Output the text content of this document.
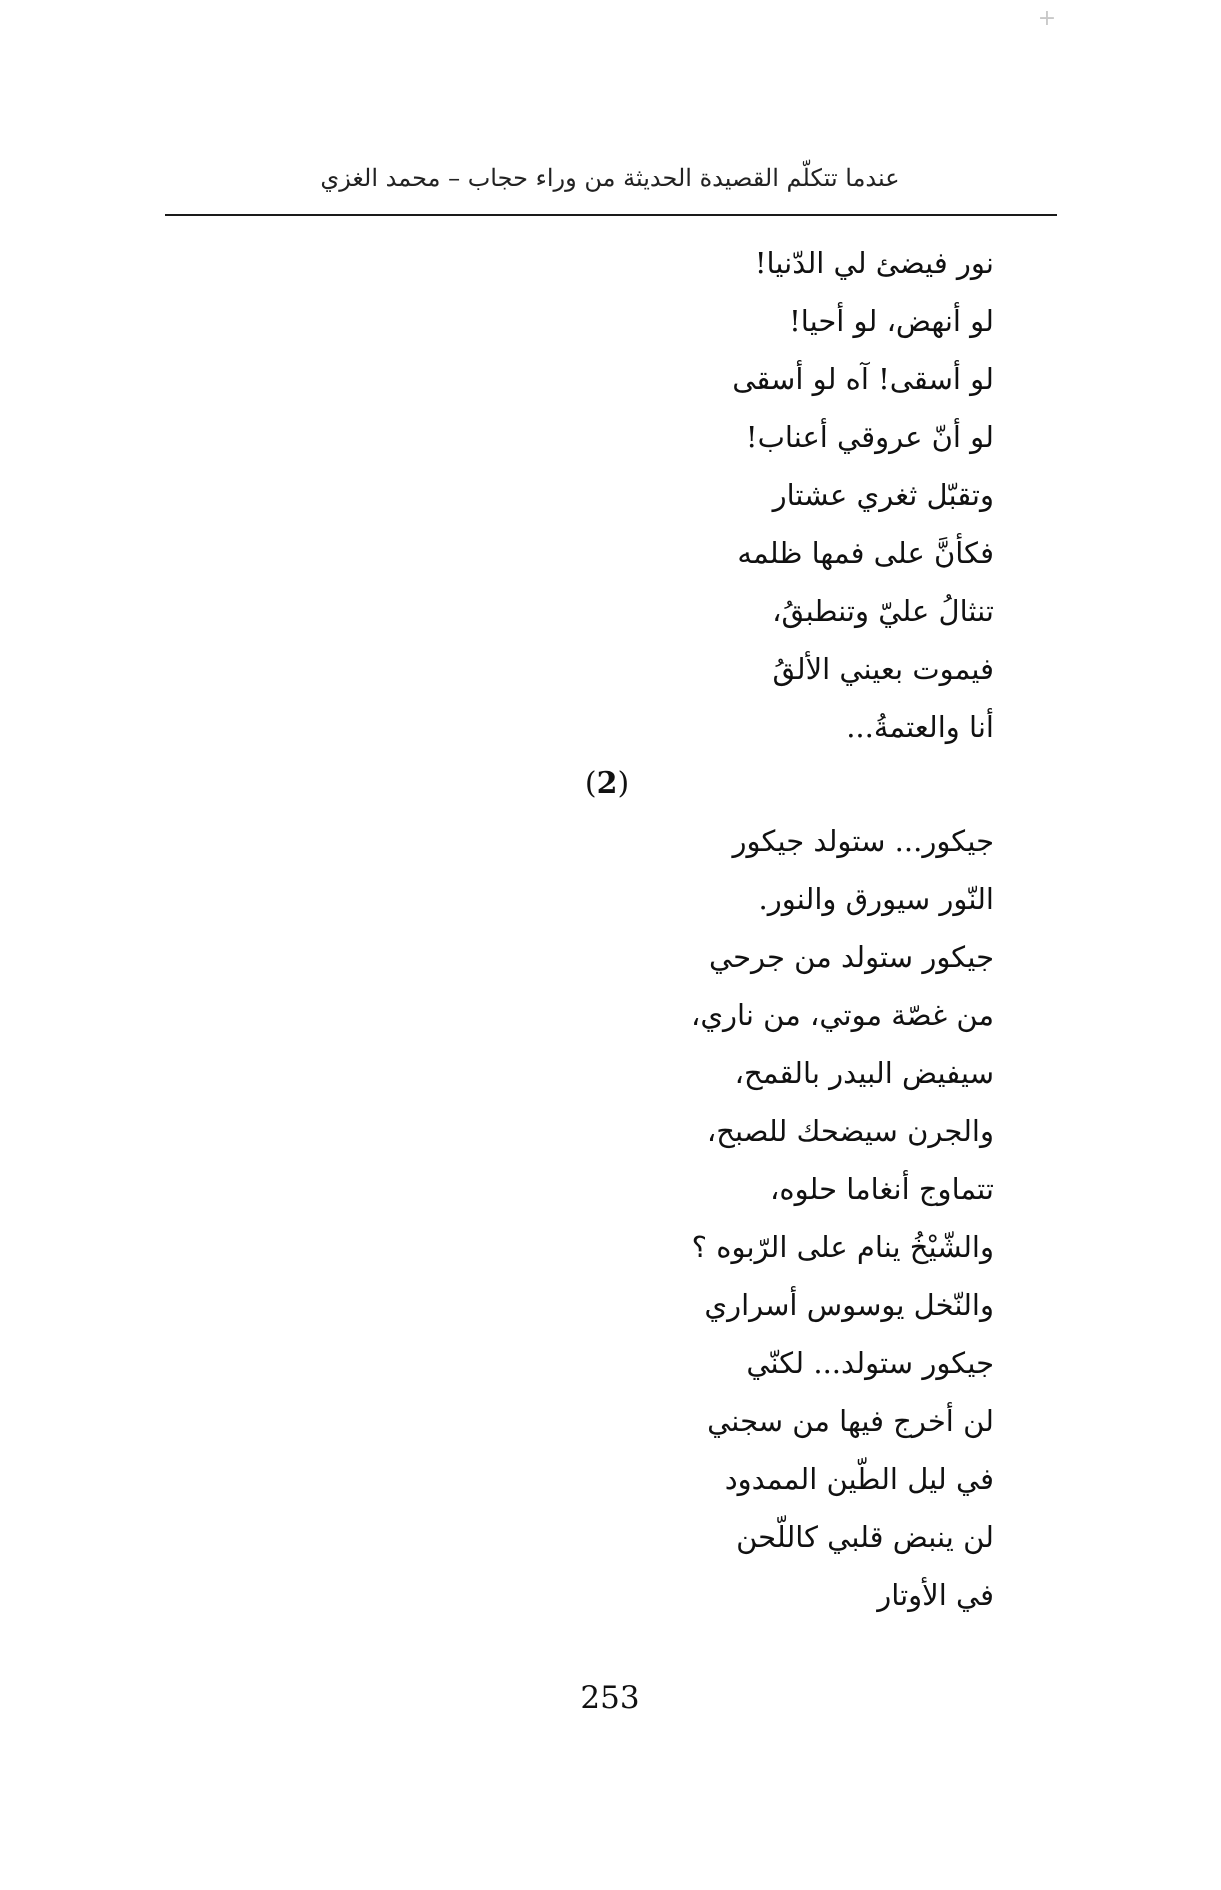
+
عندما تتكلّم القصيدة الحديثة من وراء حجاب – محمد الغزي
نور فيضئ لي الدّنيا!
لو أنهض، لو أحيا!
لو أسقى! آه لو أسقى
لو أنّ عروقي أعناب!
وتقبّل ثغري عشتار
فكأنَّ على فمها ظلمه
تنثالُ عليّ وتنطبقُ،
فيموت بعيني الألقُ
أنا والعتمةُ...
(2)
جيكور... ستولد جيكور
النّور سيورق والنور.
جيكور ستولد من جرحي
من غصّة موتي، من ناري،
سيفيض البيدر بالقمح،
والجرن سيضحك للصبح،
تتماوج أنغاما حلوه،
والشّيْخُ ينام على الرّبوه ؟
والنّخل يوسوس أسراري
جيكور ستولد... لكنّي
لن أخرج فيها من سجني
في ليل الطّين الممدود
لن ينبض قلبي كاللّحن
في الأوتار
253
